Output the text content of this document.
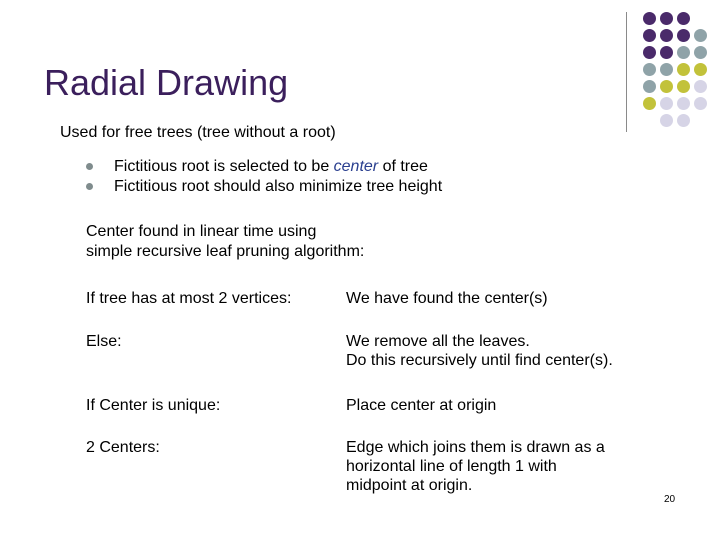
Radial Drawing
Used for free trees (tree without a root)
Fictitious root is selected to be center of tree
Fictitious root should also minimize tree height
Center found in linear time using
simple recursive leaf pruning algorithm:
If tree has at most 2 vertices:	We have found the center(s)
Else:	We remove all the leaves.
Do this recursively until find center(s).
If Center is unique:	Place center at origin
2 Centers:	Edge which joins them is drawn as a
horizontal line of length 1 with
midpoint at origin.
20
